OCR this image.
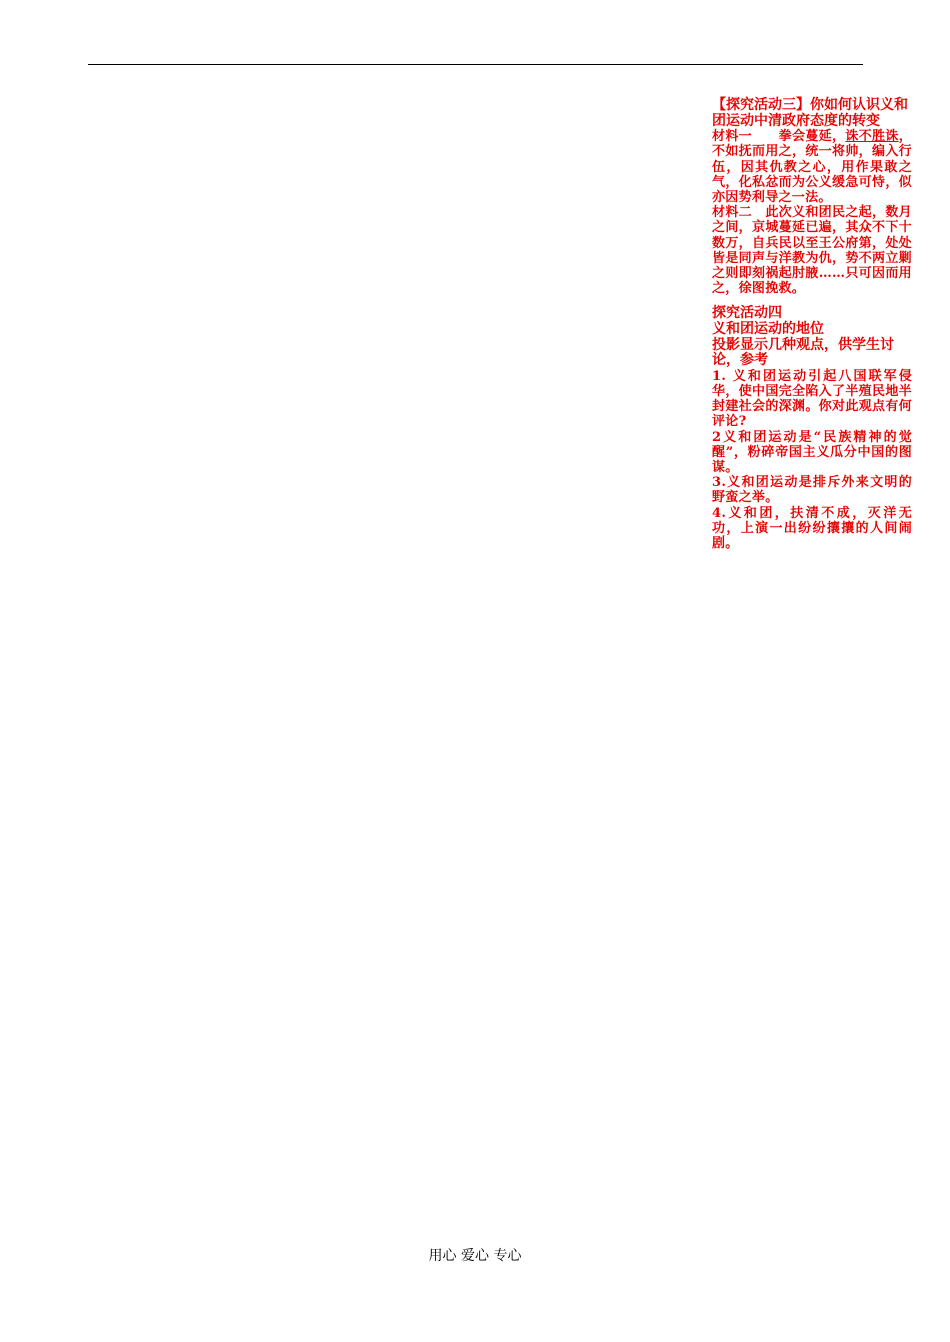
【探究活动三】你如何认识义和团运动中清政府态度的转变

材料一　　拳会蔓延，诛不胜诛，不如抚而用之，统一将帅，编入行伍，因其仇教之心，用作果敢之气，化私忿而为公义缓急可恃，似亦因势利导之一法。

材料二　此次义和团民之起，数月之间，京城蔓延已遍，其众不下十数万，自兵民以至王公府第，处处皆是同声与洋教为仇，势不两立剿之则即刻祸起肘腋……只可因而用之，徐图挽救。

探究活动四

义和团运动的地位

投影显示几种观点，供学生讨论，参考

1. 义和团运动引起八国联军侵华，使中国完全陷入了半殖民地半封建社会的深渊。你对此观点有何评论?

2义和团运动是“民族精神的觉醒”，粉碎帝国主义瓜分中国的图谋。

3.义和团运动是排斥外来文明的野蛮之举。

4.义和团，扶清不成，灭洋无功，上演一出纷纷攘攘的人间闹剧。

用心 爱心 专心
